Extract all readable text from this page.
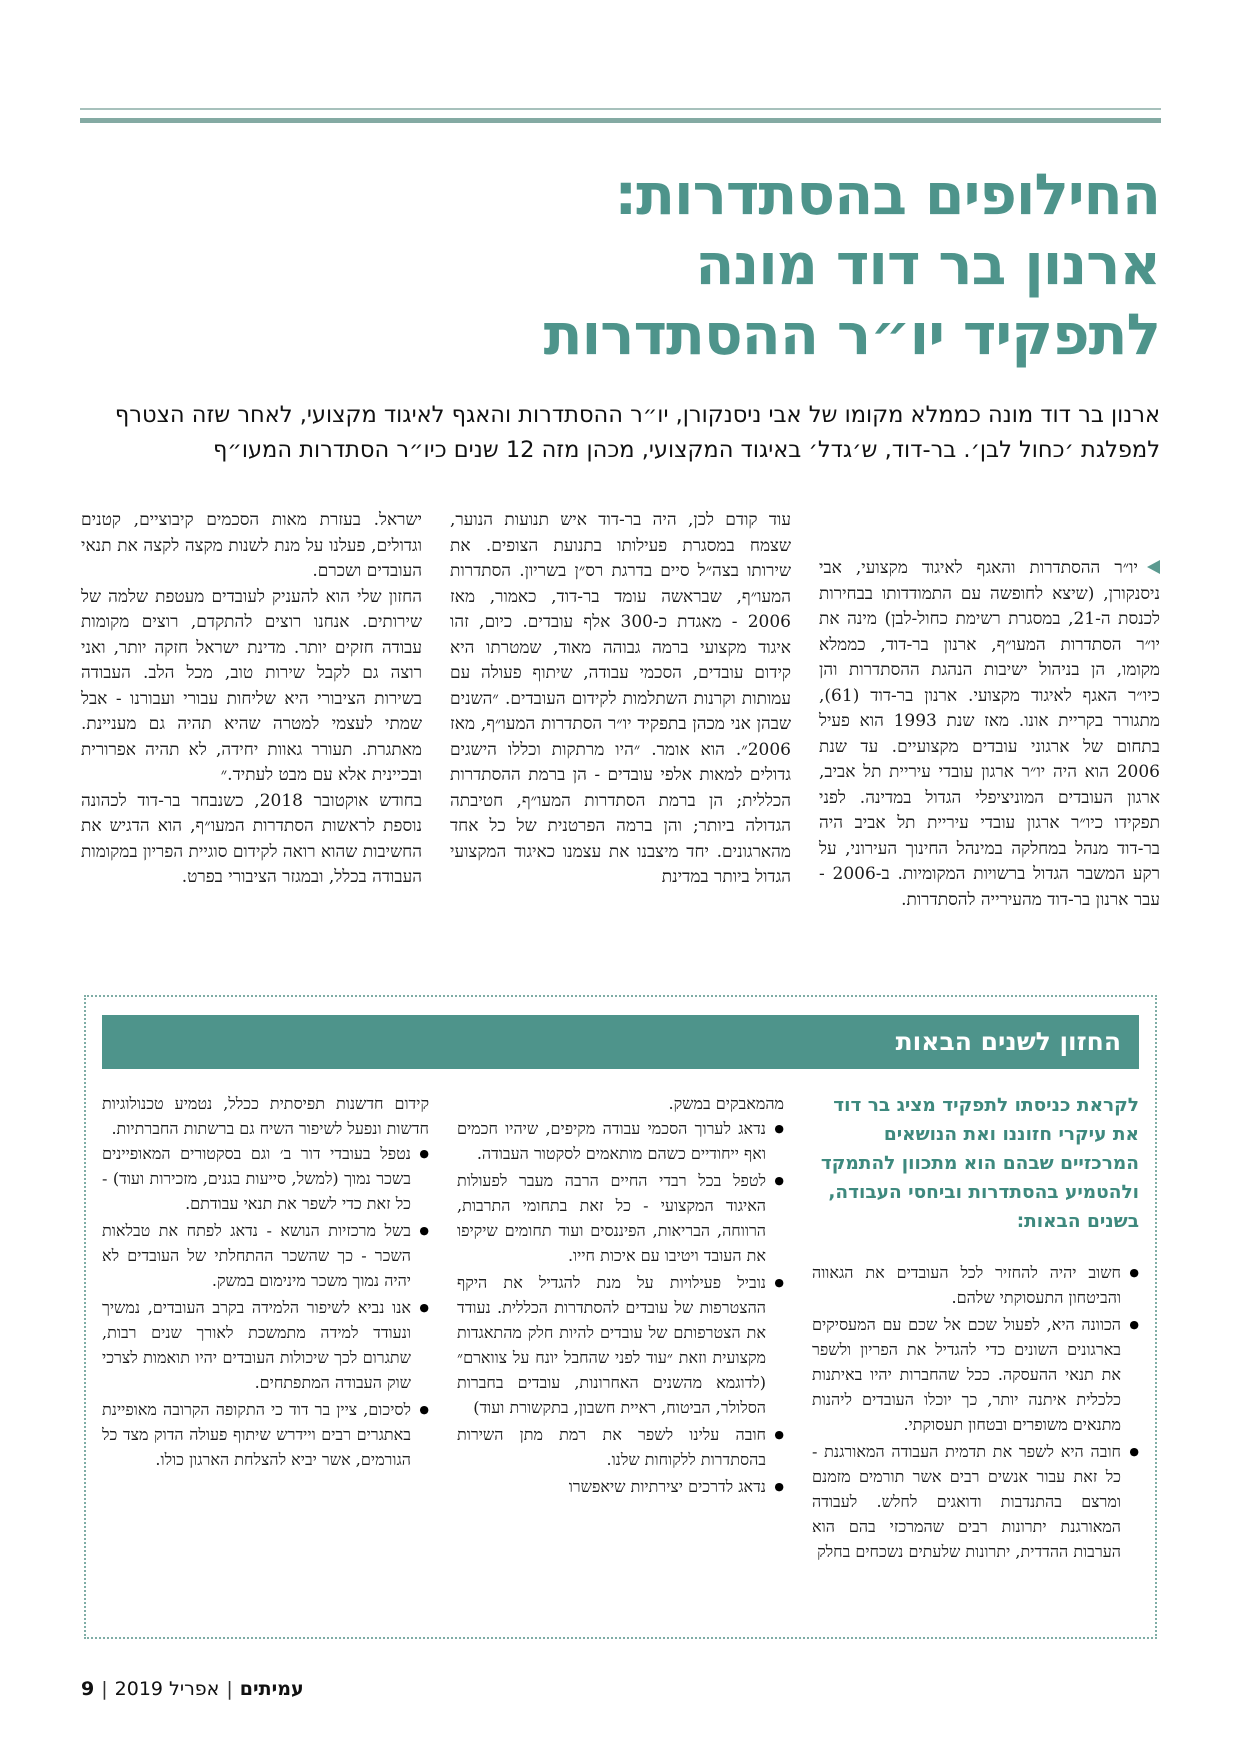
החילופים בהסתדרות:
ארנון בר דוד מונה
לתפקיד יו״ר ההסתדרות

ארנון בר דוד מונה כממלא מקומו של אבי ניסנקורן, יו״ר ההסתדרות והאגף לאיגוד מקצועי, לאחר שזה הצטרף למפלגת ׳כחול לבן׳. בר-דוד, ש׳גדל׳ באיגוד המקצועי, מכהן מזה 12 שנים כיו״ר הסתדרות המעו״ף

יו״ר ההסתדרות והאגף לאיגוד מקצועי, אבי ניסנקורן, (שיצא לחופשה עם התמודדותו בבחירות לכנסת ה-21, במסגרת רשימת כחול-לבן) מינה את יו״ר הסתדרות המעו״ף, ארנון בר-דוד, כממלא מקומו, הן בניהול ישיבות הנהגת ההסתדרות והן כיו״ר האגף לאיגוד מקצועי. ארנון בר-דוד (61), מתגורר בקריית אונו. מאז שנת 1993 הוא פעיל בתחום של ארגוני עובדים מקצועיים. עד שנת 2006 הוא היה יו״ר ארגון עובדי עיריית תל אביב, ארגון העובדים המוניציפלי הגדול במדינה. לפני תפקידו כיו״ר ארגון עובדי עיריית תל אביב היה בר-דוד מנהל במחלקה במינהל החינוך העירוני, על רקע המשבר הגדול ברשויות המקומיות. ב-2006 - עבר ארנון בר-דוד מהעירייה להסתדרות.

עוד קודם לכן, היה בר-דוד איש תנועות הנוער, שצמח במסגרת פעילותו בתנועת הצופים. את שירותו בצה״ל סיים בדרגת רס״ן בשריון. הסתדרות המעו״ף, שבראשה עומד בר-דוד, כאמור, מאז 2006 - מאגדת כ-300 אלף עובדים. כיום, זהו איגוד מקצועי ברמה גבוהה מאוד, שמטרתו היא קידום עובדים, הסכמי עבודה, שיתוף פעולה עם עמותות וקרנות השתלמות לקידום העובדים. ״השנים שבהן אני מכהן בתפקיד יו״ר הסתדרות המעו״ף, מאז 2006״. הוא אומר. ״היו מרתקות וכללו הישגים גדולים למאות אלפי עובדים - הן ברמת ההסתדרות הכללית; הן ברמת הסתדרות המעו״ף, חטיבתה הגדולה ביותר; והן ברמה הפרטנית של כל אחד מהארגונים. יחד מיצבנו את עצמנו כאיגוד המקצועי הגדול ביותר במדינת

ישראל. בעזרת מאות הסכמים קיבוציים, קטנים וגדולים, פעלנו על מנת לשנות מקצה לקצה את תנאי העובדים ושכרם.

החזון שלי הוא להעניק לעובדים מעטפת שלמה של שירותים. אנחנו רוצים להתקדם, רוצים מקומות עבודה חזקים יותר. מדינת ישראל חזקה יותר, ואני רוצה גם לקבל שירות טוב, מכל הלב. העבודה בשירות הציבורי היא שליחות עבורי ועבורנו - אבל שמתי לעצמי למטרה שהיא תהיה גם מעניינת. מאתגרת. תעורר גאוות יחידה, לא תהיה אפרורית ובכיינית אלא עם מבט לעתיד.״

בחודש אוקטובר 2018, כשנבחר בר-דוד לכהונה נוספת לראשות הסתדרות המעו״ף, הוא הדגיש את החשיבות שהוא רואה לקידום סוגיית הפריון במקומות העבודה בכלל, ובמגזר הציבורי בפרט.

החזון לשנים הבאות

לקראת כניסתו לתפקיד מציג בר דוד את עיקרי חזוננו ואת הנושאים המרכזיים שבהם הוא מתכוון להתמקד ולהטמיע בהסתדרות וביחסי העבודה, בשנים הבאות:

● חשוב יהיה להחזיר לכל העובדים את הגאווה והביטחון התעסוקתי שלהם.
● הכוונה היא, לפעול שכם אל שכם עם המעסיקים בארגונים השונים כדי להגדיל את הפריון ולשפר את תנאי ההעסקה. ככל שהחברות יהיו באיתנות כלכלית איתנה יותר, כך יוכלו העובדים ליהנות מתנאים משופרים ובטחון תעסוקתי.
● חובה היא לשפר את תדמית העבודה המאורגנת - כל זאת עבור אנשים רבים אשר תורמים מזמנם ומרצם בהתנדבות ודואגים לחלש. לעבודה המאורגנת יתרונות רבים שהמרכזי בהם הוא הערבות ההדדית, יתרונות שלעתים נשכחים בחלק

מהמאבקים במשק.

● נדאג לערוך הסכמי עבודה מקיפים, שיהיו חכמים ואף ייחודיים כשהם מותאמים לסקטור העבודה.
● לטפל בכל רבדי החיים הרבה מעבר לפעולות האיגוד המקצועי - כל זאת בתחומי התרבות, הרווחה, הבריאות, הפיננסים ועוד תחומים שיקיפו את העובד ויטיבו עם איכות חייו.
● נוביל פעילויות על מנת להגדיל את היקף ההצטרפות של עובדים להסתדרות הכללית. נעודד את הצטרפותם של עובדים להיות חלק מהתאגדות מקצועית וזאת ״עוד לפני שהחבל יונח על צווארם״ (לדוגמא מהשנים האחרונות, עובדים בחברות הסלולר, הביטוח, ראיית חשבון, בתקשורת ועוד)
● חובה עלינו לשפר את רמת מתן השירות בהסתדרות ללקוחות שלנו.
● נדאג לדרכים יצירתיות שיאפשרו

קידום חדשנות תפיסתית ככלל, נטמיע טכנולוגיות חדשות ונפעל לשיפור השיח גם ברשתות החברתיות.

● נטפל בעובדי דור ב׳ וגם בסקטורים המאופיינים בשכר נמוך (למשל, סייעות בגנים, מזכירות ועוד) - כל זאת כדי לשפר את תנאי עבודתם.
● בשל מרכזיות הנושא - נדאג לפתח את טבלאות השכר - כך שהשכר ההתחלתי של העובדים לא יהיה נמוך משכר מינימום במשק.
● אנו נביא לשיפור הלמידה בקרב העובדים, נמשיך ונעודד למידה מתמשכת לאורך שנים רבות, שתגרום לכך שיכולות העובדים יהיו תואמות לצרכי שוק העבודה המתפתחים.
● לסיכום, ציין בר דוד כי התקופה הקרובה מאופיינת באתגרים רבים ויידרש שיתוף פעולה הדוק מצד כל הגורמים, אשר יביא להצלחת הארגון כולו.
עמיתים|אפריל 2019|9
